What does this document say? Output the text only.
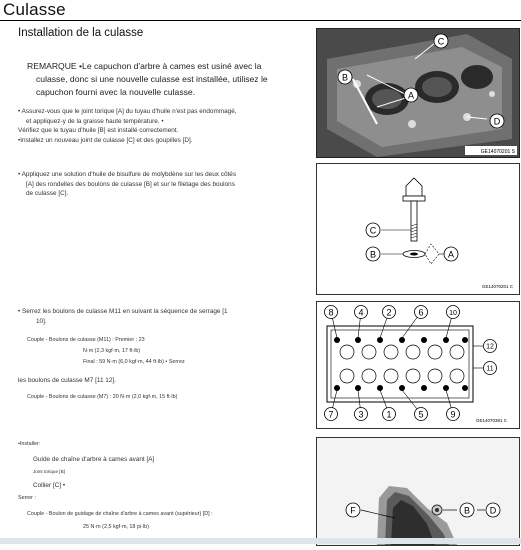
Culasse
Installation de la culasse
REMARQUE •Le capuchon d'arbre à cames est usiné avec la
culasse, donc si une nouvelle culasse est installée, utilisez le
capuchon fourni avec la nouvelle culasse.
• Assurez-vous que le joint torique [A] du tuyau d'huile n'est pas endommagé,
et appliquez-y de la graisse haute température. •
Vérifiez que le tuyau d'huile [B] est installé correctement.
•Installez un nouveau joint de culasse [C] et des goupilles [D].
• Appliquez une solution d'huile de bisulfure de molybdène sur les deux côtés
[A] des rondelles des boulons de culasse [B] et sur le filetage des boulons
de culasse [C].
• Serrez les boulons de culasse M11 en suivant la séquence de serrage [1
10].
Couple - Boulons de culasse (M11) : Premier : 23
N·m (2,3 kgf·m, 17 ft·lb)
Final : 59 N·m (6,0 kgf·m, 44 ft·lb) • Serrez
les boulons de culasse M7 [11 12].
Couple - Boulons de culasse (M7) : 20 N·m (2,0 kgf·m, 15 ft·lb)
•Installer:
Guide de chaîne d'arbre à cames avant [A]
Joint torique [B]
Collier [C] •
Serrer :
Couple - Boulon de guidage de chaîne d'arbre à cames avant (supérieur) [D] :
25 N·m (2,5 kgf·m, 18 pi·lb)
C
B
A
D
GE14070201 S
C
B	A
GE14070201 C
8	4	2	6	10
7	3	1	5	9
12
11
GE14070381 C
F	B D
